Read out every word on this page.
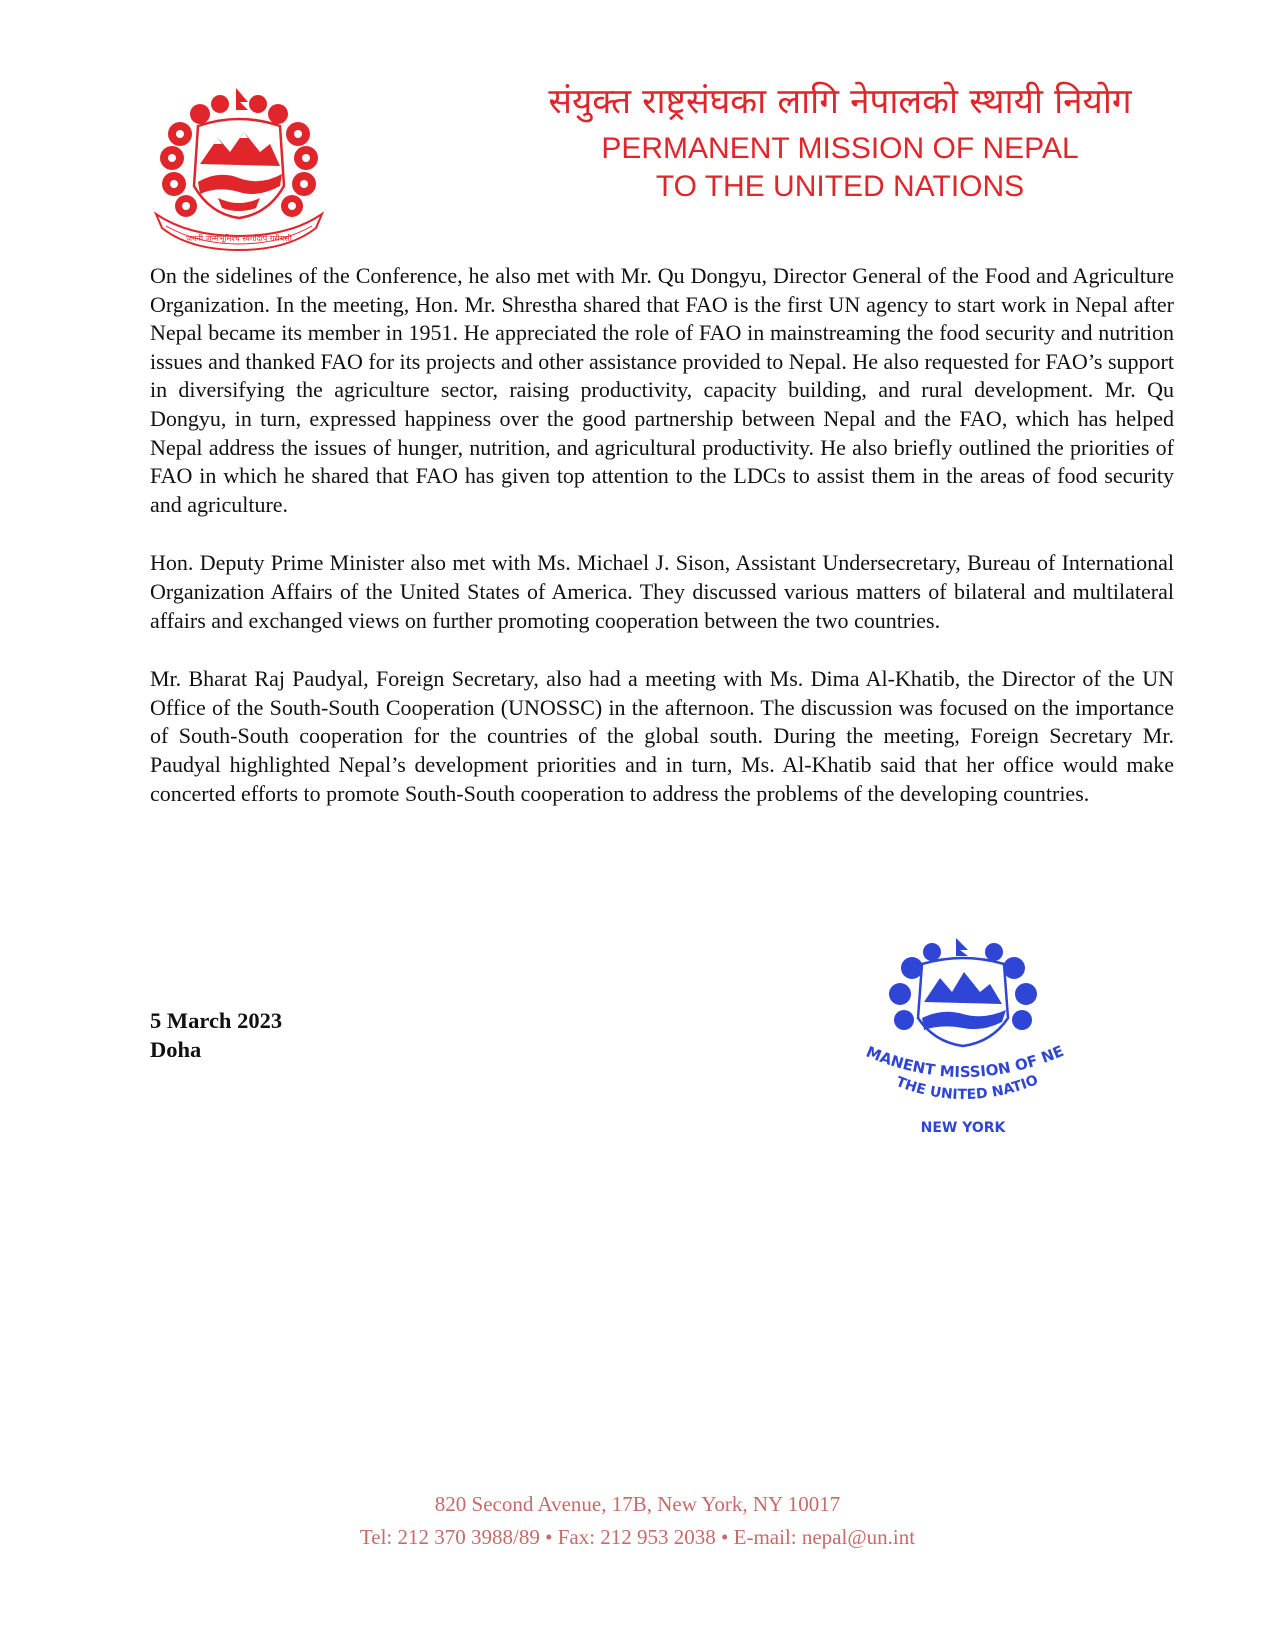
जननी जन्मभूमिश्च स्वर्गादपि गरीयसी
संयुक्त राष्ट्रसंघका लागि नेपालको स्थायी नियोग
PERMANENT MISSION OF NEPAL
TO THE UNITED NATIONS

On the sidelines of the Conference, he also met with Mr. Qu Dongyu, Director General of the Food and Agriculture Organization. In the meeting, Hon. Mr. Shrestha shared that FAO is the first UN agency to start work in Nepal after Nepal became its member in 1951. He appreciated the role of FAO in mainstreaming the food security and nutrition issues and thanked FAO for its projects and other assistance provided to Nepal. He also requested for FAO’s support in diversifying the agriculture sector, raising productivity, capacity building, and rural development. Mr. Qu Dongyu, in turn, expressed happiness over the good partnership between Nepal and the FAO, which has helped Nepal address the issues of hunger, nutrition, and agricultural productivity. He also briefly outlined the priorities of FAO in which he shared that FAO has given top attention to the LDCs to assist them in the areas of food security and agriculture.

Hon. Deputy Prime Minister also met with Ms. Michael J. Sison, Assistant Undersecretary, Bureau of International Organization Affairs of the United States of America. They discussed various matters of bilateral and multilateral affairs and exchanged views on further promoting cooperation between the two countries.

Mr. Bharat Raj Paudyal, Foreign Secretary, also had a meeting with Ms. Dima Al-Khatib, the Director of the UN Office of the South-South Cooperation (UNOSSC) in the afternoon. The discussion was focused on the importance of South-South cooperation for the countries of the global south. During the meeting, Foreign Secretary Mr. Paudyal highlighted Nepal’s development priorities and in turn, Ms. Al-Khatib said that her office would make concerted efforts to promote South-South cooperation to address the problems of the developing countries.

5 March 2023
Doha	MANENT MISSION OF NE
THE UNITED NATIO
NEW YORK
820 Second Avenue, 17B, New York, NY 10017
Tel: 212 370 3988/89 • Fax: 212 953 2038 • E-mail: nepal@un.int
